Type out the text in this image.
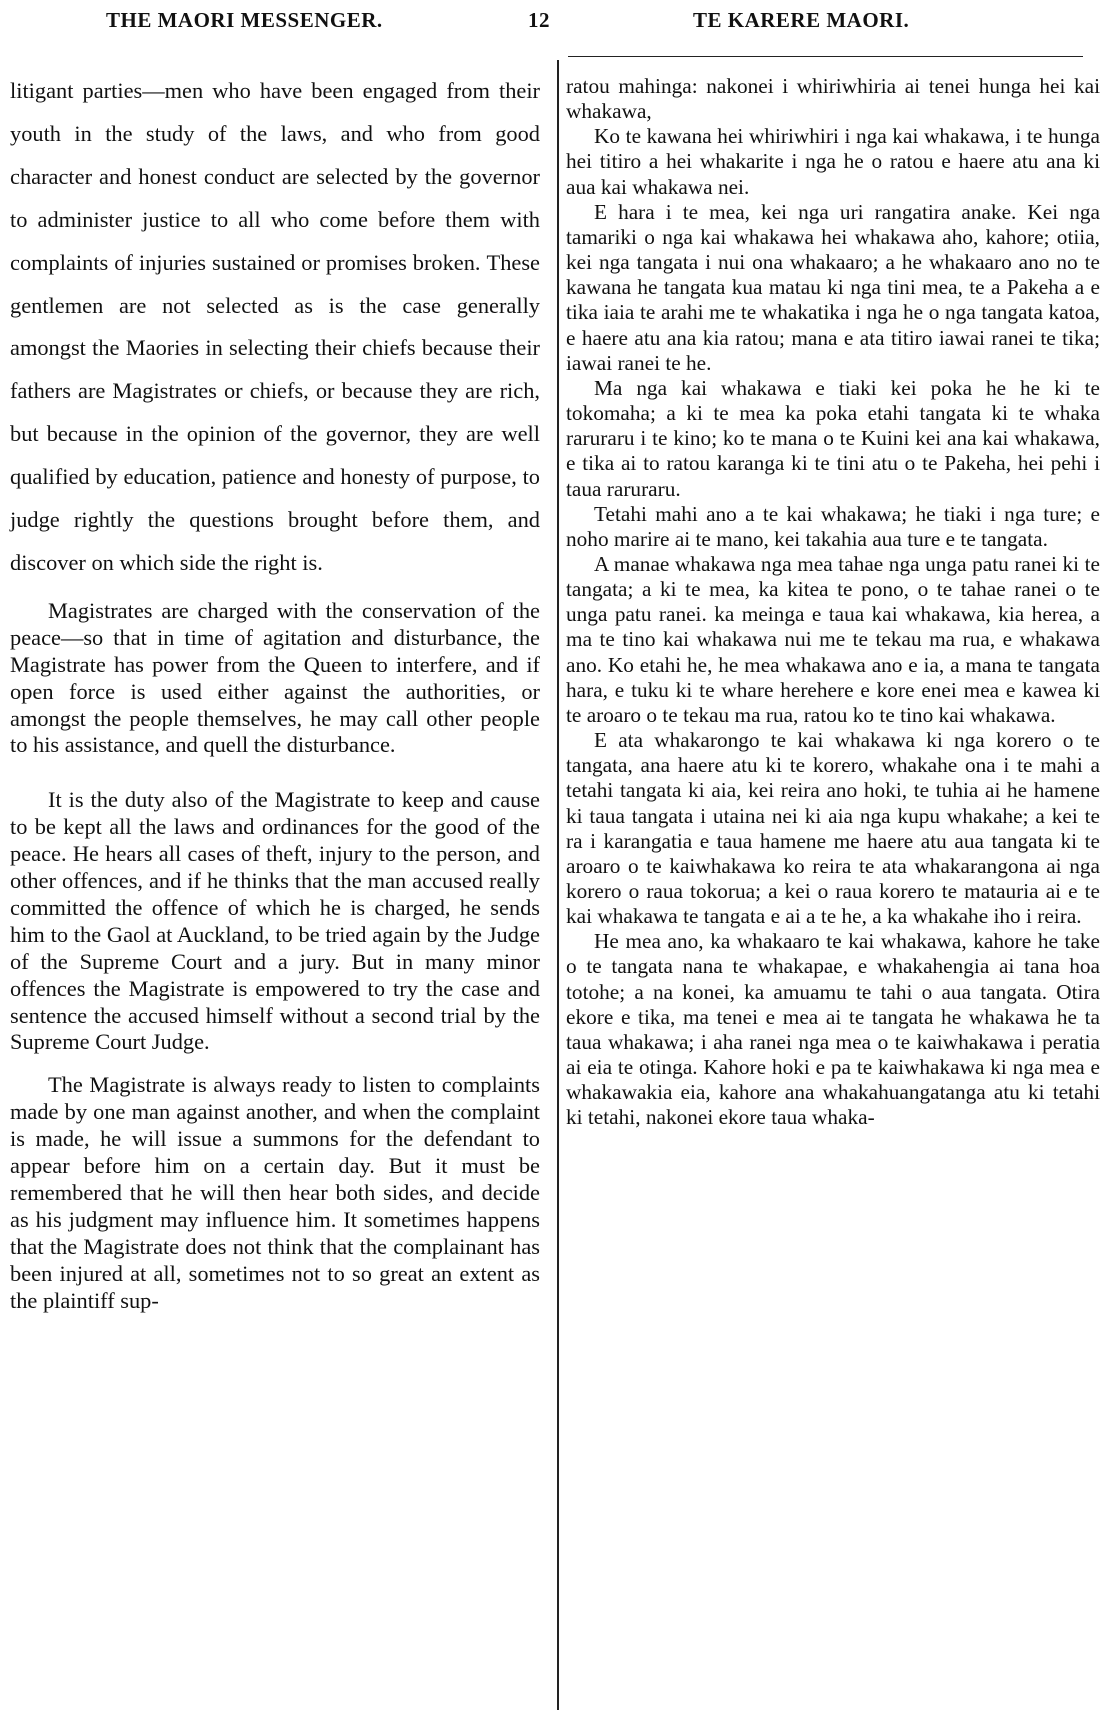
THE MAORI MESSENGER.	12	TE KARERE MAORI.

litigant parties—men who have been engaged from their youth in the study of the laws, and who from good character and honest conduct are selected by the governor to administer justice to all who come before them with complaints of injuries sustained or promises broken. These gentlemen are not selected as is the case generally amongst the Maories in selecting their chiefs because their fathers are Magistrates or chiefs, or because they are rich, but because in the opinion of the governor, they are well qualified by education, patience and honesty of purpose, to judge rightly the questions brought before them, and discover on which side the right is.

Magistrates are charged with the conservation of the peace—so that in time of agitation and disturbance, the Magistrate has power from the Queen to interfere, and if open force is used either against the authorities, or amongst the people themselves, he may call other people to his assistance, and quell the disturbance.

It is the duty also of the Magistrate to keep and cause to be kept all the laws and ordinances for the good of the peace. He hears all cases of theft, injury to the person, and other offences, and if he thinks that the man accused really committed the offence of which he is charged, he sends him to the Gaol at Auckland, to be tried again by the Judge of the Supreme Court and a jury. But in many minor offences the Magistrate is empowered to try the case and sentence the accused himself without a second trial by the Supreme Court Judge.

The Magistrate is always ready to listen to complaints made by one man against another, and when the complaint is made, he will issue a summons for the defendant to appear before him on a certain day. But it must be remembered that he will then hear both sides, and decide as his judgment may influence him. It sometimes happens that the Magistrate does not think that the complainant has been injured at all, sometimes not to so great an extent as the plaintiff sup-

ratou mahinga: nakonei i whiriwhiria ai tenei hunga hei kai whakawa,

Ko te kawana hei whiriwhiri i nga kai whakawa, i te hunga hei titiro a hei whakarite i nga he o ratou e haere atu ana ki aua kai whakawa nei.

E hara i te mea, kei nga uri rangatira anake. Kei nga tamariki o nga kai whakawa hei whakawa aho, kahore; otiia, kei nga tangata i nui ona whakaaro; a he whakaaro ano no te kawana he tangata kua matau ki nga tini mea, te a Pakeha a e tika iaia te arahi me te whakatika i nga he o nga tangata katoa, e haere atu ana kia ratou; mana e ata titiro iawai ranei te tika; iawai ranei te he.

Ma nga kai whakawa e tiaki kei poka he he ki te tokomaha; a ki te mea ka poka etahi tangata ki te whaka raruraru i te kino; ko te mana o te Kuini kei ana kai whakawa, e tika ai to ratou karanga ki te tini atu o te Pakeha, hei pehi i taua raruraru.

Tetahi mahi ano a te kai whakawa; he tiaki i nga ture; e noho marire ai te mano, kei takahia aua ture e te tangata.

A manae whakawa nga mea tahae nga unga patu ranei ki te tangata; a ki te mea, ka kitea te pono, o te tahae ranei o te unga patu ranei. ka meinga e taua kai whakawa, kia herea, a ma te tino kai whakawa nui me te tekau ma rua, e whakawa ano. Ko etahi he, he mea whakawa ano e ia, a mana te tangata hara, e tuku ki te whare herehere e kore enei mea e kawea ki te aroaro o te tekau ma rua, ratou ko te tino kai whakawa.

E ata whakarongo te kai whakawa ki nga korero o te tangata, ana haere atu ki te korero, whakahe ona i te mahi a tetahi tangata ki aia, kei reira ano hoki, te tuhia ai he hamene ki taua tangata i utaina nei ki aia nga kupu whakahe; a kei te ra i karangatia e taua hamene me haere atu aua tangata ki te aroaro o te kaiwhakawa ko reira te ata whakarangona ai nga korero o raua tokorua; a kei o raua korero te matauria ai e te kai whakawa te tangata e ai a te he, a ka whakahe iho i reira.

He mea ano, ka whakaaro te kai whakawa, kahore he take o te tangata nana te whakapae, e whakahengia ai tana hoa totohe; a na konei, ka amuamu te tahi o aua tangata. Otira ekore e tika, ma tenei e mea ai te tangata he whakawa he ta taua whakawa; i aha ranei nga mea o te kaiwhakawa i peratia ai eia te otinga. Kahore hoki e pa te kaiwhakawa ki nga mea e whakawakia eia, kahore ana whakahuangatanga atu ki tetahi ki tetahi, nakonei ekore taua whaka-
